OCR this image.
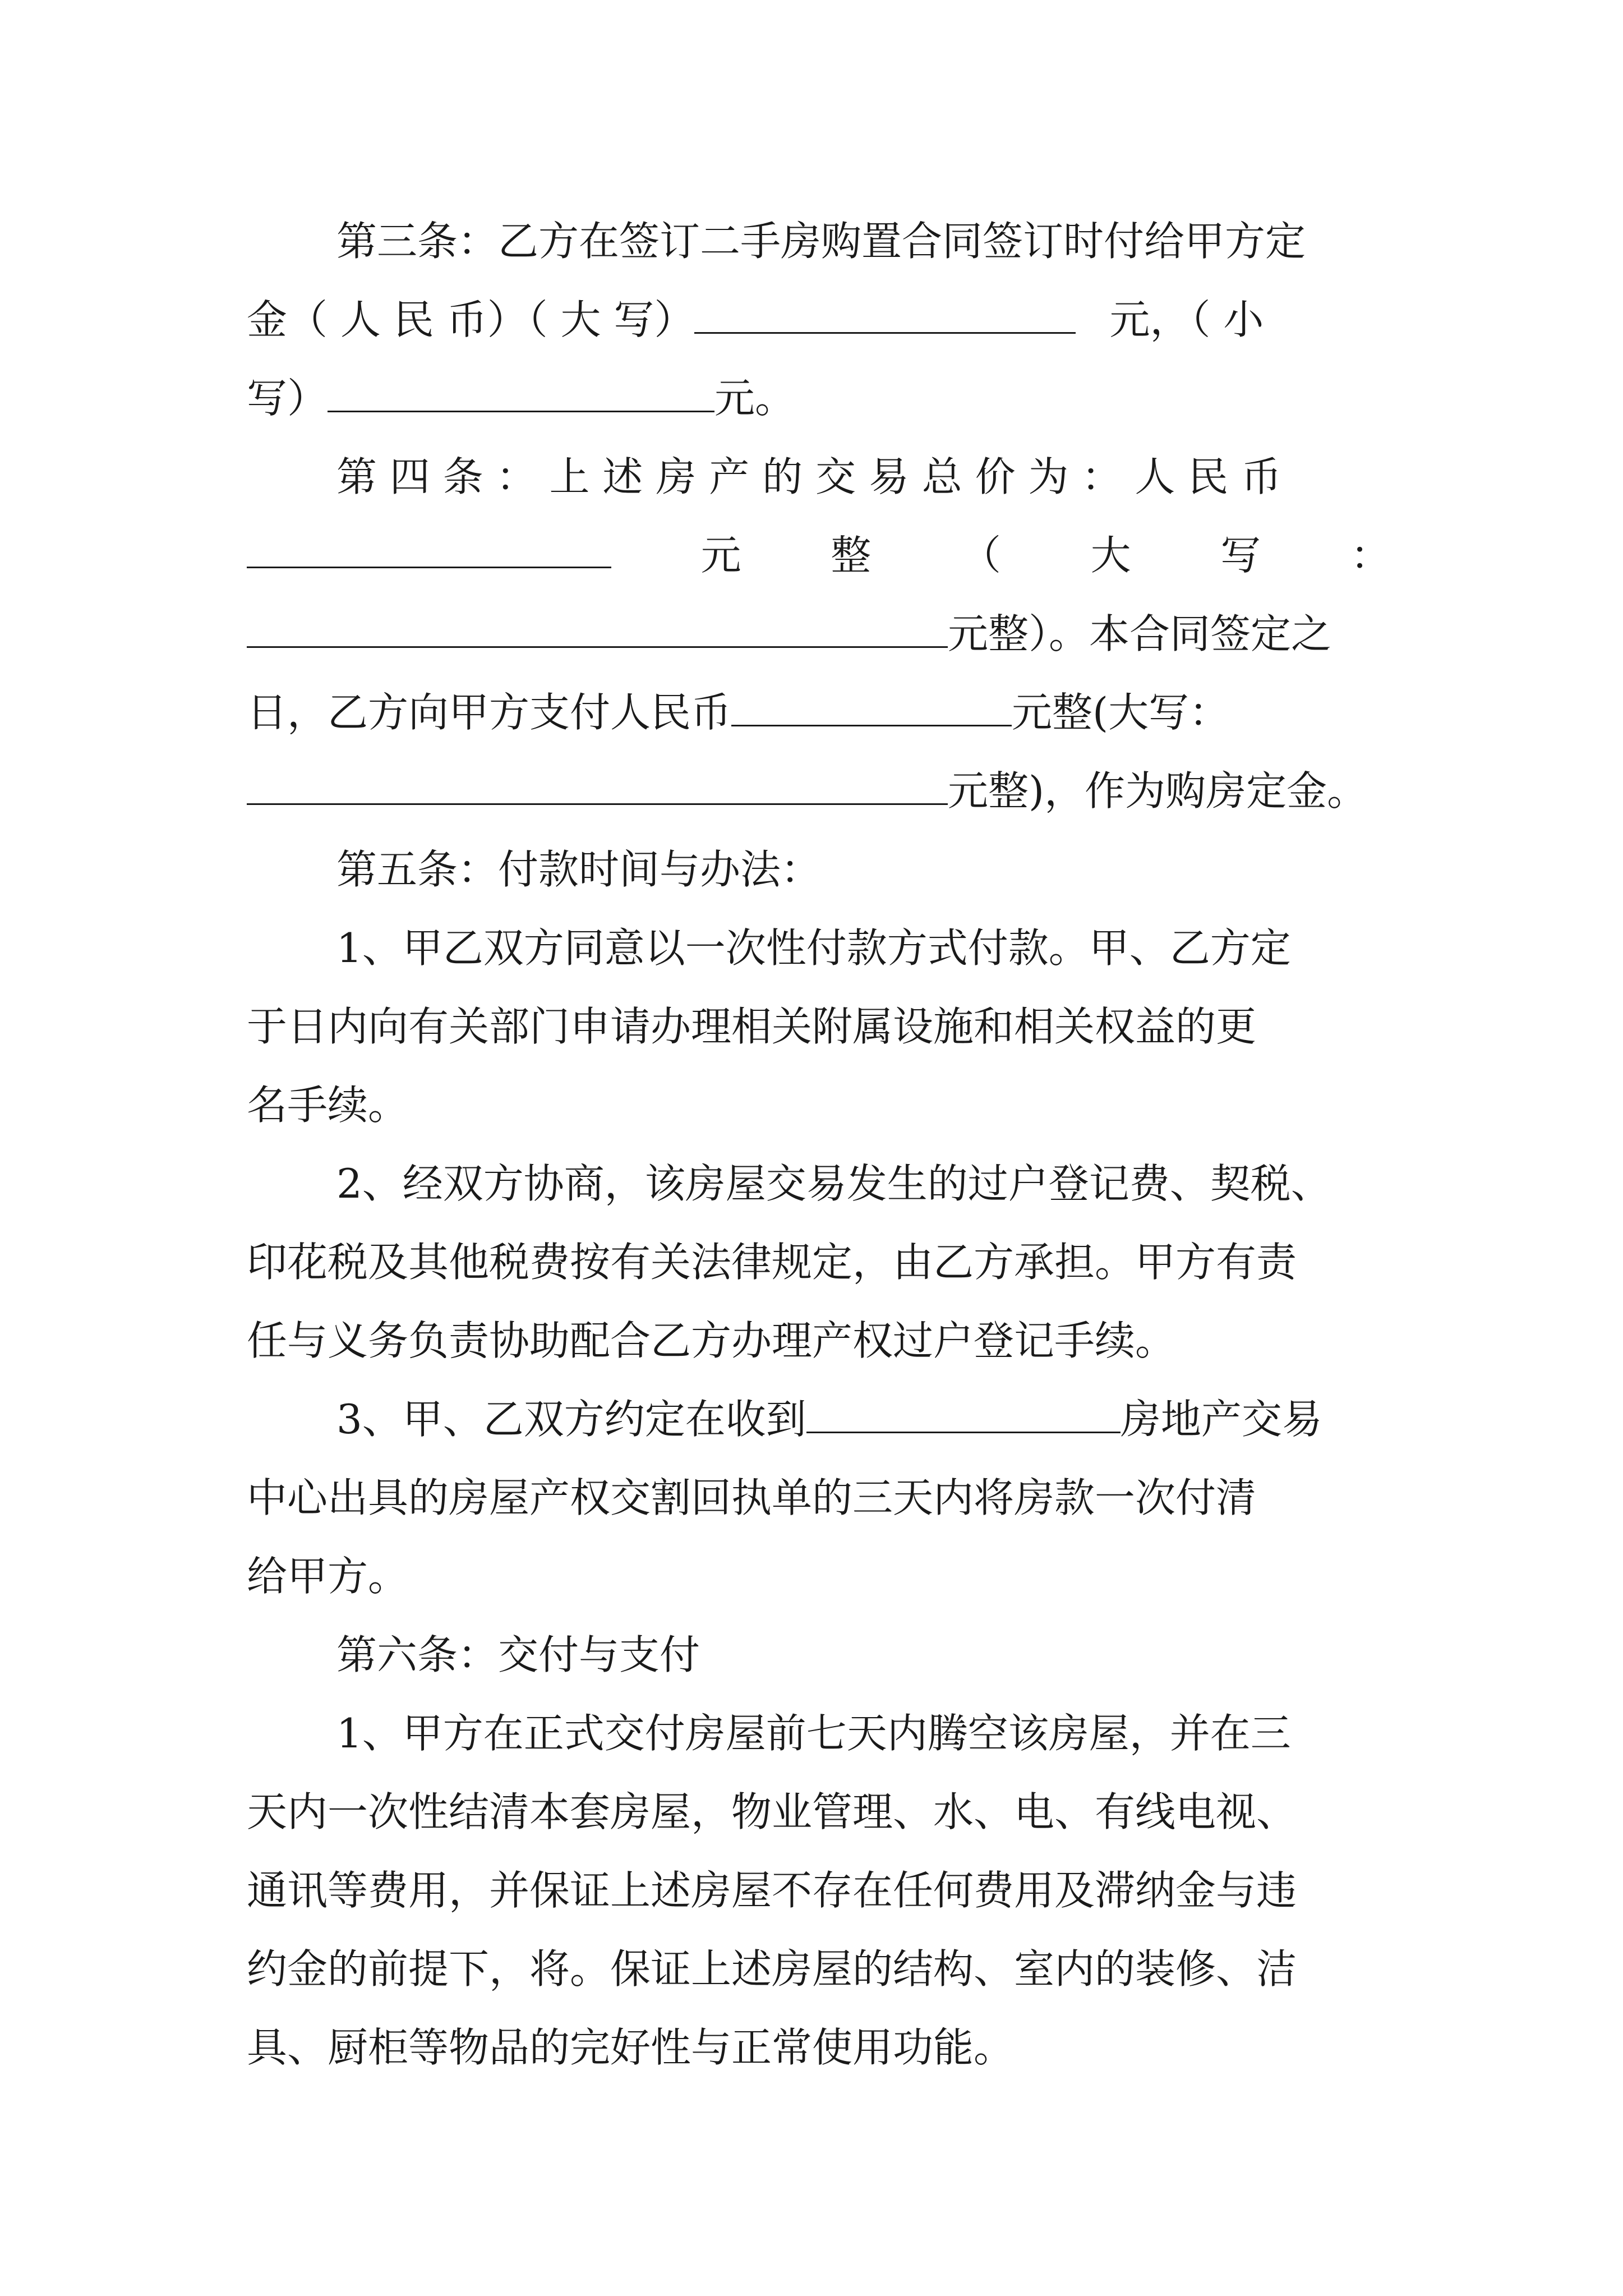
第三条：乙方在签订二手房购置合同签订时付给甲方定
金（ 人 民 币）（ 大 写）	元，（ 小
写）	元。
第 四 条 ： 上 述 房 产 的 交 易 总 价 为 ： 人 民 币
元 整 （ 大 写 ：
元整）。本合同签定之
日，乙方向甲方支付人民币	元整(大写：
元整)，作为购房定金。
第五条：付款时间与办法：
1、甲乙双方同意以一次性付款方式付款。甲、乙方定
于日内向有关部门申请办理相关附属设施和相关权益的更
名手续。
2、经双方协商，该房屋交易发生的过户登记费、契税、
印花税及其他税费按有关法律规定，由乙方承担。甲方有责
任与义务负责协助配合乙方办理产权过户登记手续。
3、甲、乙双方约定在收到	房地产交易
中心出具的房屋产权交割回执单的三天内将房款一次付清
给甲方。
第六条：交付与支付
1、甲方在正式交付房屋前七天内腾空该房屋，并在三
天内一次性结清本套房屋，物业管理、水、电、有线电视、
通讯等费用，并保证上述房屋不存在任何费用及滞纳金与违
约金的前提下，将。保证上述房屋的结构、室内的装修、洁
具、厨柜等物品的完好性与正常使用功能。
